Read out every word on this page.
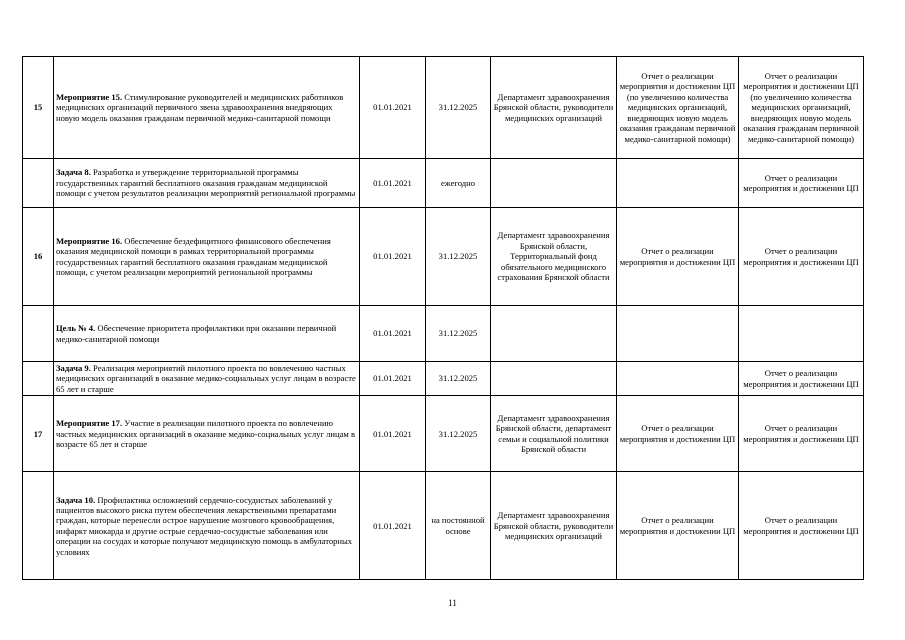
15	Мероприятие 15. Стимулирование руководителей и медицинских работников медицинских организаций первичного звена здравоохранения внедряющих новую модель оказания гражданам первичной медико-санитарной помощи	01.01.2021	31.12.2025	Департамент здравоохранения Брянской области, руководители медицинских организаций	Отчет о реализации мероприятия и достижении ЦП (по увеличению количества медицинских организаций, внедряющих новую модель оказания гражданам первичной медико-санитарной помощи)	Отчет о реализации мероприятия и достижении ЦП (по увеличению количества медицинских организаций, внедряющих новую модель оказания гражданам первичной медико-санитарной помощи)
	Задача 8. Разработка и утверждение территориальной программы государственных гарантий бесплатного оказания гражданам медицинской помощи с учетом результатов реализации мероприятий региональной программы	01.01.2021	ежегодно			Отчет о реализации мероприятия и достижении ЦП
16	Мероприятие 16. Обеспечение бездефицитного финансового обеспечения оказания медицинской помощи в рамках территориальной программы государственных гарантий бесплатного оказания гражданам медицинской помощи, с учетом реализации мероприятий региональной программы	01.01.2021	31.12.2025	Департамент здравоохранения Брянской области, Территориальный фонд обязательного медицинского страхования Брянской области	Отчет о реализации мероприятия и достижении ЦП	Отчет о реализации мероприятия и достижении ЦП
	Цель № 4. Обеспечение приоритета профилактики при оказании первичной медико-санитарной помощи	01.01.2021	31.12.2025			
	Задача 9. Реализация мероприятий пилотного проекта по вовлечению частных медицинских организаций в оказание медико-социальных услуг лицам в возрасте 65 лет и старше	01.01.2021	31.12.2025			Отчет о реализации мероприятия и достижении ЦП
17	Мероприятие 17. Участие в реализации пилотного проекта по вовлечению частных медицинских организаций в оказание медико-социальных услуг лицам в возрасте 65 лет и старше	01.01.2021	31.12.2025	Департамент здравоохранения Брянской области, департамент семьи и социальной политики Брянской области	Отчет о реализации мероприятия и достижении ЦП	Отчет о реализации мероприятия и достижении ЦП
	Задача 10. Профилактика осложнений сердечно-сосудистых заболеваний у пациентов высокого риска путем обеспечения лекарственными препаратами граждан, которые перенесли острое нарушение мозгового кровообращения, инфаркт миокарда и другие острые сердечно-сосудистые заболевания или операции на сосудах и которые получают медицинскую помощь в амбулаторных условиях	01.01.2021	на постоянной основе	Департамент здравоохранения Брянской области, руководители медицинских организаций	Отчет о реализации мероприятия и достижении ЦП	Отчет о реализации мероприятия и достижении ЦП
11
